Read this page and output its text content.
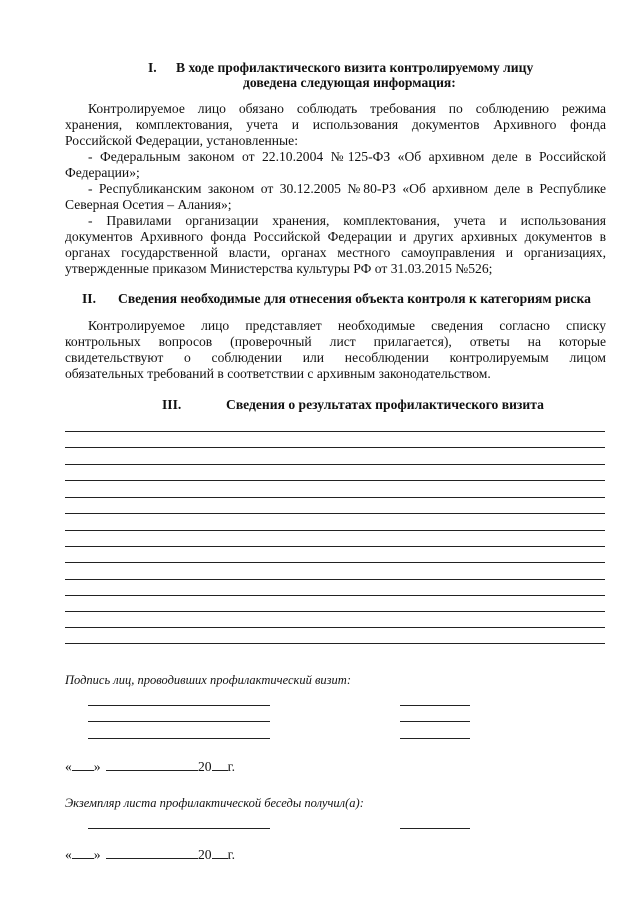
I. В ходе профилактического визита контролируемому лицу
доведена следующая информация:
Контролируемое лицо обязано соблюдать требования по соблюдению режима
хранения, комплектования, учета и использования документов Архивного фонда
Российской Федерации, установленные:
- Федеральным законом от 22.10.2004 №125-ФЗ «Об архивном деле в Российской
Федерации»;
- Республиканским законом от 30.12.2005 №80-РЗ «Об архивном деле в Республике
Северная Осетия – Алания»;
- Правилами организации хранения, комплектования, учета и использования
документов Архивного фонда Российской Федерации и других архивных документов в
органах государственной власти, органах местного самоуправления и организациях,
утвержденные приказом Министерства культуры РФ от 31.03.2015 №526;
II. Сведения необходимые для отнесения объекта контроля к категориям риска
Контролируемое лицо представляет необходимые сведения согласно списку
контрольных вопросов (проверочный лист прилагается), ответы на которые
свидетельствуют о соблюдении или несоблюдении контролируемым лицом
обязательных требований в соответствии с архивным законодательством.
III.	Сведения о результатах профилактического визита
Подпись лиц, проводивших профилактический визит:
« »	20 г.
Экземпляр листа профилактической беседы получил(а):
« »	20 г.
